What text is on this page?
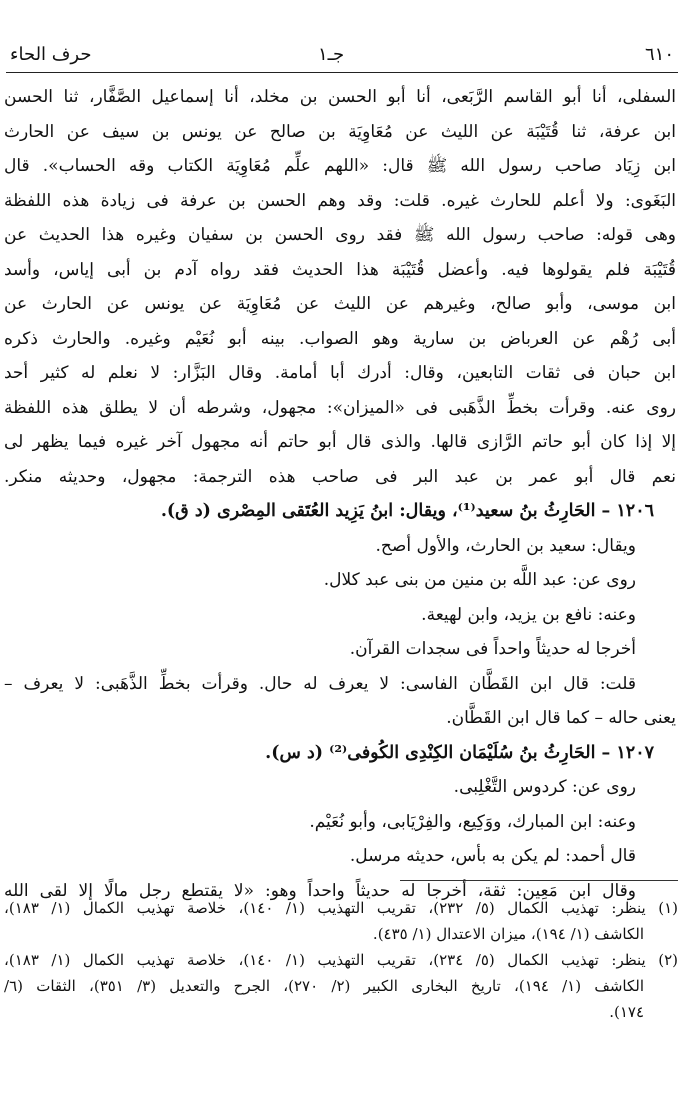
٦١٠
جـ١
حرف الحاء
السفلى، أنا أبو القاسم الرَّبَعى، أنا أبو الحسن بن مخلد، أنا إسماعيل الصَّفَّار، ثنا الحسن
ابن عرفة، ثنا قُتَيْبَة عن الليث عن مُعَاوِيَة بن صالح عن يونس بن سيف عن الحارث
ابن زِيَاد صاحب رسول الله ﷺ قال: «اللهم علِّم مُعَاوِيَة الكتاب وقه الحساب». قال
البَغَوى: ولا أعلم للحارث غيره. قلت: وقد وهم الحسن بن عرفة فى زيادة هذه اللفظة
وهى قوله: صاحب رسول الله ﷺ فقد روى الحسن بن سفيان وغيره هذا الحديث عن
قُتَيْبَة فلم يقولوها فيه. وأعضل قُتَيْبَة هذا الحديث فقد رواه آدم بن أبى إياس، وأسد
ابن موسى، وأبو صالح، وغيرهم عن الليث عن مُعَاوِيَة عن يونس عن الحارث عن
أبى رُهْم عن العرباض بن سارية وهو الصواب. بينه أبو نُعَيْم وغيره. والحارث ذكره
ابن حبان فى ثقات التابعين، وقال: أدرك أبا أمامة. وقال البَزَّار: لا نعلم له كثير أحد
روى عنه. وقرأت بخطِّ الذَّهَبى فى «الميزان»: مجهول، وشرطه أن لا يطلق هذه اللفظة
إلا إذا كان أبو حاتم الرَّازى قالها. والذى قال أبو حاتم أنه مجهول آخر غيره فيما يظهر لى
نعم قال أبو عمر بن عبد البر فى صاحب هذه الترجمة: مجهول، وحديثه منكر.
١٢٠٦ – الحَارِثُ بنُ سعيد⁽¹⁾، ويقال: ابنُ يَزِيد العُتَقى المِصْرى (د ق).
ويقال: سعيد بن الحارث، والأول أصح.
روى عن: عبد اللَّه بن منين من بنى عبد كلال.
وعنه: نافع بن يزيد، وابن لهيعة.
أخرجا له حديثاً واحداً فى سجدات القرآن.
قلت: قال ابن القَطَّان الفاسى: لا يعرف له حال. وقرأت بخطِّ الذَّهَبى: لا يعرف –
يعنى حاله – كما قال ابن القَطَّان.
١٢٠٧ – الحَارِثُ بنُ سُلَيْمَان الكِنْدِى الكُوفى⁽²⁾ (د س).
روى عن: كردوس التَّغْلِبى.
وعنه: ابن المبارك، ووَكِيع، والفِرْيَابى، وأبو نُعَيْم.
قال أحمد: لم يكن به بأس، حديثه مرسل.
وقال ابن مَعِين: ثقة، أخرجا له حديثاً واحداً وهو: «لا يقتطع رجل مالًا إلا لقى الله
(١) ينظر: تهذيب الكمال (٥/ ٢٣٢)، تقريب التهذيب (١/ ١٤٠)، خلاصة تهذيب الكمال (١/ ١٨٣)،
الكاشف (١/ ١٩٤)، ميزان الاعتدال (١/ ٤٣٥).
(٢) ينظر: تهذيب الكمال (٥/ ٢٣٤)، تقريب التهذيب (١/ ١٤٠)، خلاصة تهذيب الكمال (١/ ١٨٣)،
الكاشف (١/ ١٩٤)، تاريخ البخارى الكبير (٢/ ٢٧٠)، الجرح والتعديل (٣/ ٣٥١)، الثقات (٦/
١٧٤).
